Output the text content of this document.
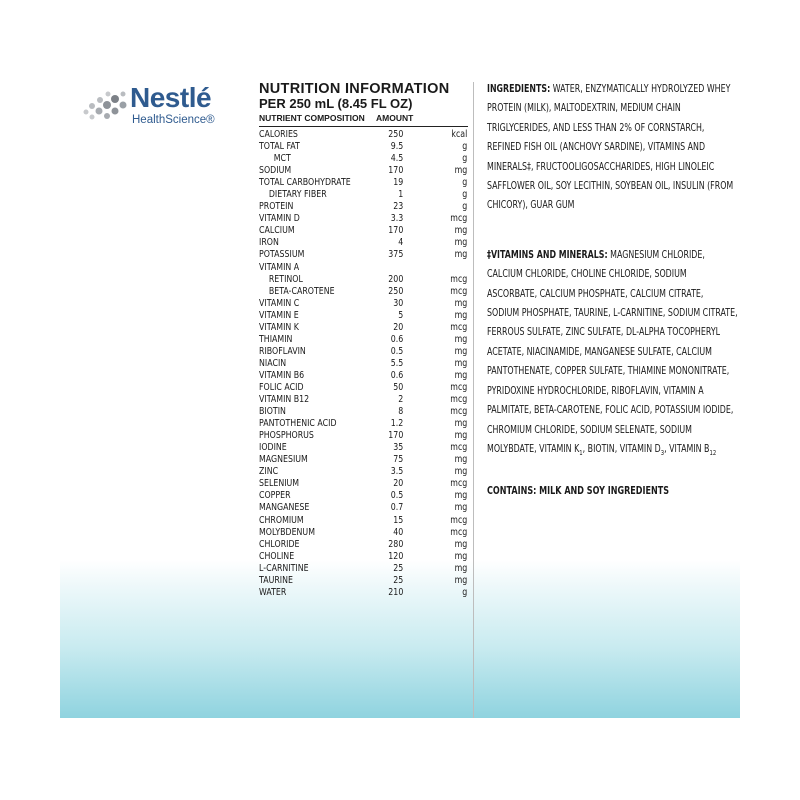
Nestlé
HealthScience®
NUTRITION INFORMATION
PER 250 mL (8.45 FL OZ)
NUTRIENT COMPOSITION AMOUNT
CALORIES	250	kcal
TOTAL FAT	9.5	g
MCT	4.5	g
SODIUM	170	mg
TOTAL CARBOHYDRATE	19	g
DIETARY FIBER	1	g
PROTEIN	23	g
VITAMIN D	3.3	mcg
CALCIUM	170	mg
IRON	4	mg
POTASSIUM	375	mg
VITAMIN A
RETINOL	200	mcg
BETA-CAROTENE	250	mcg
VITAMIN C	30	mg
VITAMIN E	5	mg
VITAMIN K	20	mcg
THIAMIN	0.6	mg
RIBOFLAVIN	0.5	mg
NIACIN	5.5	mg
VITAMIN B6	0.6	mg
FOLIC ACID	50	mcg
VITAMIN B12	2	mcg
BIOTIN	8	mcg
PANTOTHENIC ACID	1.2	mg
PHOSPHORUS	170	mg
IODINE	35	mcg
MAGNESIUM	75	mg
ZINC	3.5	mg
SELENIUM	20	mcg
COPPER	0.5	mg
MANGANESE	0.7	mg
CHROMIUM	15	mcg
MOLYBDENUM	40	mcg
CHLORIDE	280	mg
CHOLINE	120	mg
L-CARNITINE	25	mg
TAURINE	25	mg
WATER	210	g
INGREDIENTS: WATER, ENZYMATICALLY HYDROLYZED WHEY PROTEIN (MILK), MALTODEXTRIN, MEDIUM CHAIN TRIGLYCERIDES, AND LESS THAN 2% OF CORNSTARCH, REFINED FISH OIL (ANCHOVY SARDINE), VITAMINS AND MINERALS‡, FRUCTOOLIGOSACCHARIDES, HIGH LINOLEIC SAFFLOWER OIL, SOY LECITHIN, SOYBEAN OIL, INSULIN (FROM CHICORY), GUAR GUM
‡VITAMINS AND MINERALS: MAGNESIUM CHLORIDE, CALCIUM CHLORIDE, CHOLINE CHLORIDE, SODIUM ASCORBATE, CALCIUM PHOSPHATE, CALCIUM CITRATE, SODIUM PHOSPHATE, TAURINE, L-CARNITINE, SODIUM CITRATE, FERROUS SULFATE, ZINC SULFATE, DL-ALPHA TOCOPHERYL ACETATE, NIACINAMIDE, MANGANESE SULFATE, CALCIUM PANTOTHENATE, COPPER SULFATE, THIAMINE MONONITRATE, PYRIDOXINE HYDROCHLORIDE, RIBOFLAVIN, VITAMIN A PALMITATE, BETA-CAROTENE, FOLIC ACID, POTASSIUM IODIDE, CHROMIUM CHLORIDE, SODIUM SELENATE, SODIUM MOLYBDATE, VITAMIN $K_1$, BIOTIN, VITAMIN $D_3$, VITAMIN $B_{12}$
CONTAINS: MILK AND SOY INGREDIENTS
